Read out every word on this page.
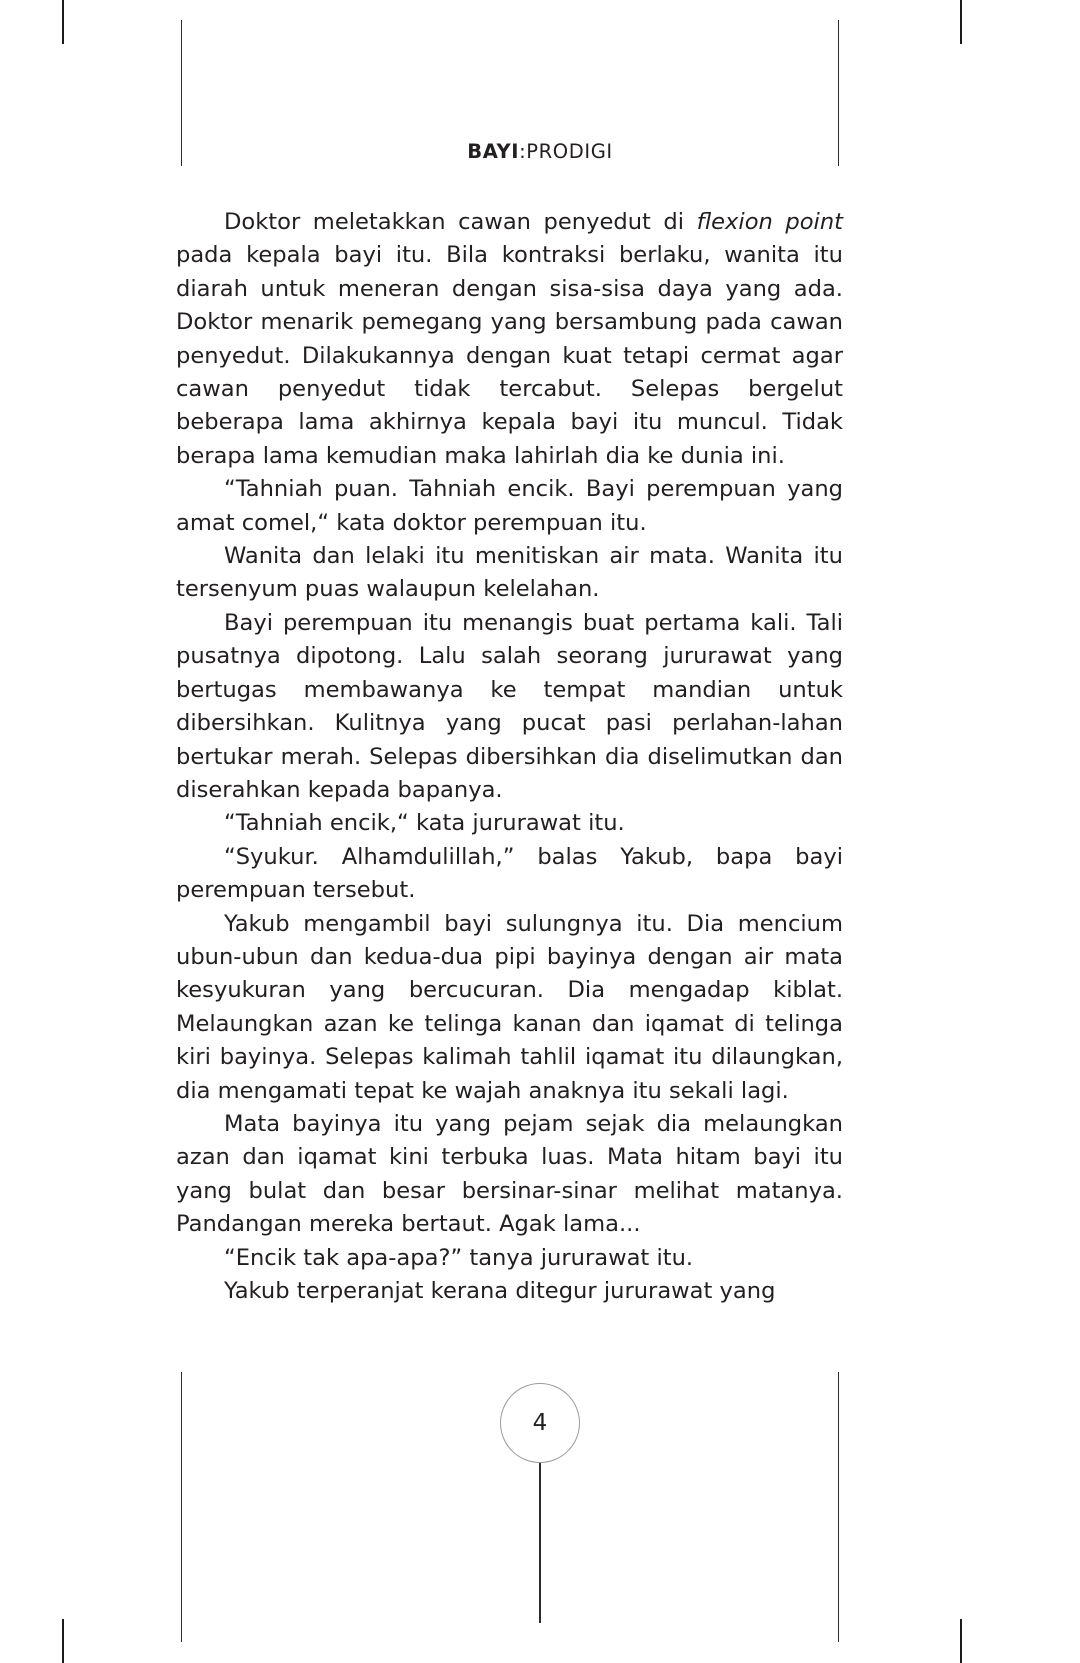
BAYI:PRODIGI

Doktor meletakkan cawan penyedut di flexion point pada kepala bayi itu. Bila kontraksi berlaku, wanita itu diarah untuk meneran dengan sisa-sisa daya yang ada. Doktor menarik pemegang yang bersambung pada cawan penyedut. Dilakukannya dengan kuat tetapi cermat agar cawan penyedut tidak tercabut. Selepas bergelut beberapa lama akhirnya kepala bayi itu muncul. Tidak berapa lama kemudian maka lahirlah dia ke dunia ini.

“Tahniah puan. Tahniah encik. Bayi perempuan yang amat comel,“ kata doktor perempuan itu.

Wanita dan lelaki itu menitiskan air mata. Wanita itu tersenyum puas walaupun kelelahan.

Bayi perempuan itu menangis buat pertama kali. Tali pusatnya dipotong. Lalu salah seorang jururawat yang bertugas membawanya ke tempat mandian untuk dibersihkan. Kulitnya yang pucat pasi perlahan-lahan bertukar merah. Selepas dibersihkan dia diselimutkan dan diserahkan kepada bapanya.

“Tahniah encik,“ kata jururawat itu.

“Syukur. Alhamdulillah,” balas Yakub, bapa bayi perempuan tersebut.

Yakub mengambil bayi sulungnya itu. Dia mencium ubun-ubun dan kedua-dua pipi bayinya dengan air mata kesyukuran yang bercucuran. Dia mengadap kiblat. Melaungkan azan ke telinga kanan dan iqamat di telinga kiri bayinya. Selepas kalimah tahlil iqamat itu dilaungkan, dia mengamati tepat ke wajah anaknya itu sekali lagi.

Mata bayinya itu yang pejam sejak dia melaungkan azan dan iqamat kini terbuka luas. Mata hitam bayi itu yang bulat dan besar bersinar-sinar melihat matanya. Pandangan mereka bertaut. Agak lama...

“Encik tak apa-apa?” tanya jururawat itu.

Yakub terperanjat kerana ditegur jururawat yang

4
